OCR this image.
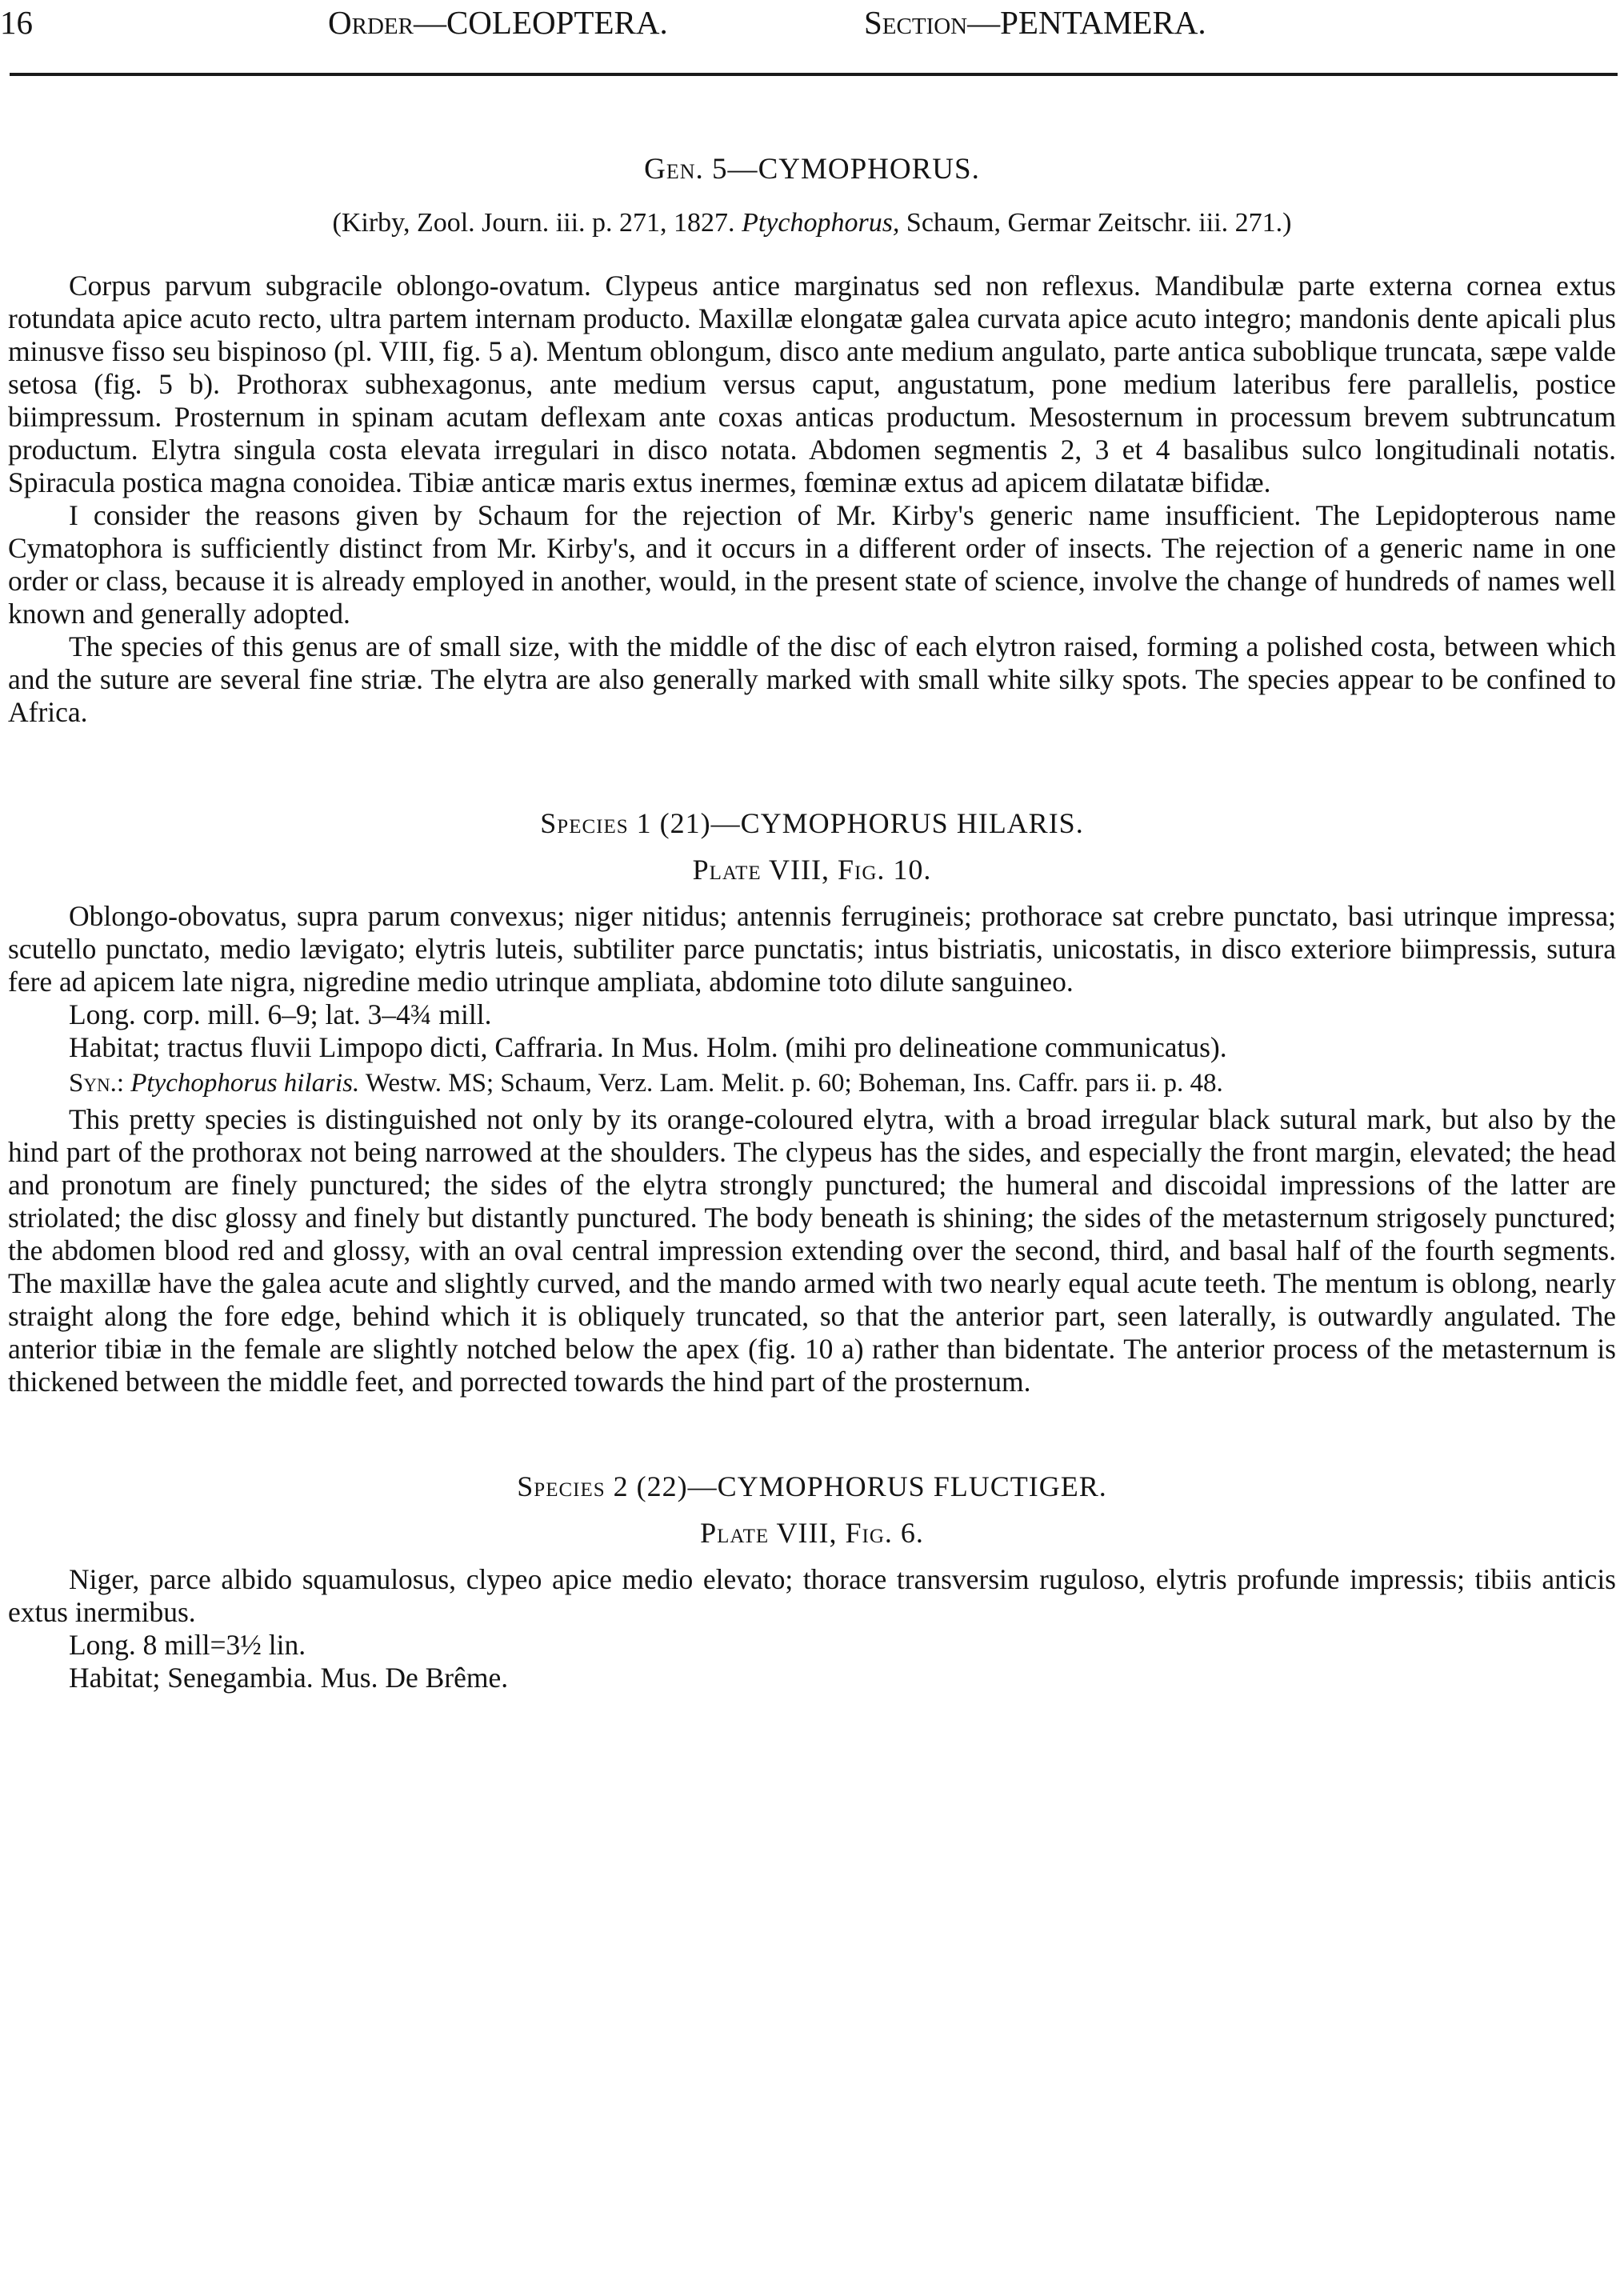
16	Order—COLEOPTERA.	Section—PENTAMERA.
Gen. 5—CYMOPHORUS.
(Kirby, Zool. Journ. iii. p. 271, 1827. Ptychophorus, Schaum, Germar Zeitschr. iii. 271.)

Corpus parvum subgracile oblongo-ovatum. Clypeus antice marginatus sed non reflexus. Mandibulæ parte externa cornea extus rotundata apice acuto recto, ultra partem internam producto. Maxillæ elongatæ galea curvata apice acuto integro; mandonis dente apicali plus minusve fisso seu bispinoso (pl. VIII, fig. 5 a). Mentum oblongum, disco ante medium angulato, parte antica suboblique truncata, sæpe valde setosa (fig. 5 b). Prothorax subhexagonus, ante medium versus caput, angustatum, pone medium lateribus fere parallelis, postice biimpressum. Prosternum in spinam acutam deflexam ante coxas anticas productum. Mesosternum in processum brevem subtruncatum productum. Elytra singula costa elevata irregulari in disco notata. Abdomen segmentis 2, 3 et 4 basalibus sulco longitudinali notatis. Spiracula postica magna conoidea. Tibiæ anticæ maris extus inermes, fœminæ extus ad apicem dilatatæ bifidæ.

I consider the reasons given by Schaum for the rejection of Mr. Kirby's generic name insufficient. The Lepidopterous name Cymatophora is sufficiently distinct from Mr. Kirby's, and it occurs in a different order of insects. The rejection of a generic name in one order or class, because it is already employed in another, would, in the present state of science, involve the change of hundreds of names well known and generally adopted.

The species of this genus are of small size, with the middle of the disc of each elytron raised, forming a polished costa, between which and the suture are several fine striæ. The elytra are also generally marked with small white silky spots. The species appear to be confined to Africa.

Species 1 (21)—CYMOPHORUS HILARIS.
Plate VIII, Fig. 10.

Oblongo-obovatus, supra parum convexus; niger nitidus; antennis ferrugineis; prothorace sat crebre punctato, basi utrinque impressa; scutello punctato, medio lævigato; elytris luteis, subtiliter parce punctatis; intus bistriatis, unicostatis, in disco exteriore biimpressis, sutura fere ad apicem late nigra, nigredine medio utrinque ampliata, abdomine toto dilute sanguineo.

Long. corp. mill. 6–9; lat. 3–4¾ mill.

Habitat; tractus fluvii Limpopo dicti, Caffraria. In Mus. Holm. (mihi pro delineatione communicatus).

Syn.: Ptychophorus hilaris. Westw. MS; Schaum, Verz. Lam. Melit. p. 60; Boheman, Ins. Caffr. pars ii. p. 48.

This pretty species is distinguished not only by its orange-coloured elytra, with a broad irregular black sutural mark, but also by the hind part of the prothorax not being narrowed at the shoulders. The clypeus has the sides, and especially the front margin, elevated; the head and pronotum are finely punctured; the sides of the elytra strongly punctured; the humeral and discoidal impressions of the latter are striolated; the disc glossy and finely but distantly punctured. The body beneath is shining; the sides of the metasternum strigosely punctured; the abdomen blood red and glossy, with an oval central impression extending over the second, third, and basal half of the fourth segments. The maxillæ have the galea acute and slightly curved, and the mando armed with two nearly equal acute teeth. The mentum is oblong, nearly straight along the fore edge, behind which it is obliquely truncated, so that the anterior part, seen laterally, is outwardly angulated. The anterior tibiæ in the female are slightly notched below the apex (fig. 10 a) rather than bidentate. The anterior process of the metasternum is thickened between the middle feet, and porrected towards the hind part of the prosternum.

Species 2 (22)—CYMOPHORUS FLUCTIGER.
Plate VIII, Fig. 6.

Niger, parce albido squamulosus, clypeo apice medio elevato; thorace transversim ruguloso, elytris profunde impressis; tibiis anticis extus inermibus.

Long. 8 mill=3½ lin.

Habitat; Senegambia. Mus. De Brême.
